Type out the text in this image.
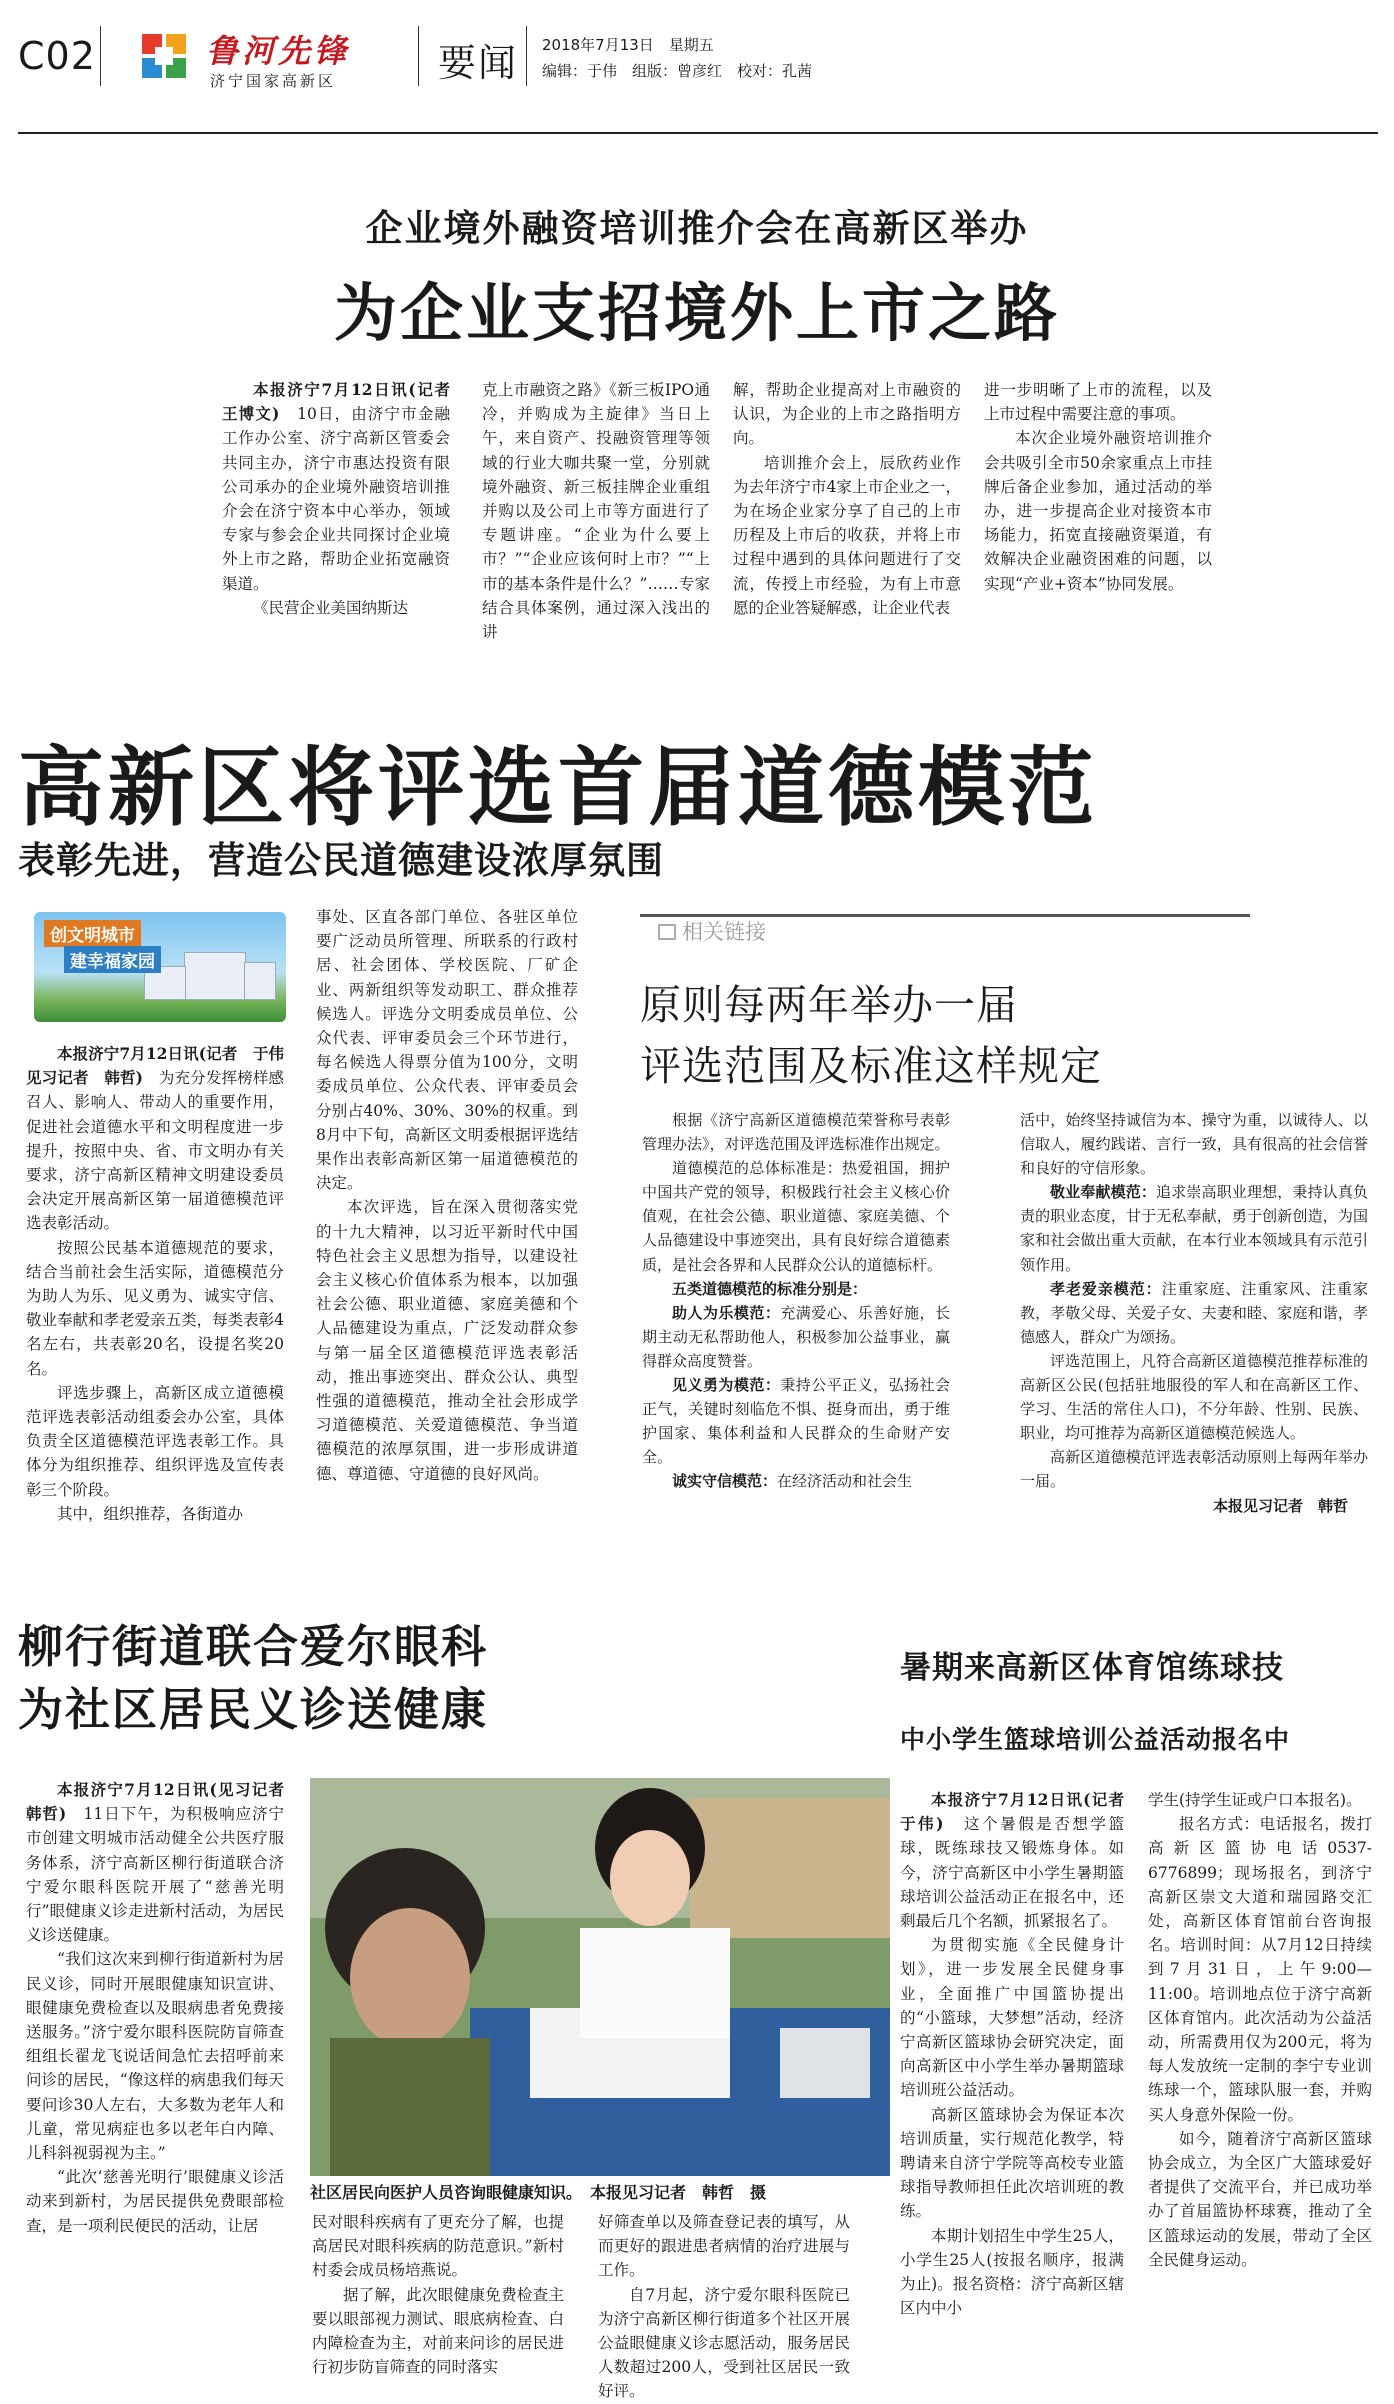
C02	鲁河先锋
济宁国家高新区	要闻 2018年7月13日　星期五
编辑：于伟　组版：曾彦红　校对：孔茜
企业境外融资培训推介会在高新区举办
为企业支招境外上市之路

本报济宁7月12日讯(记者　王博文)　10日，由济宁市金融工作办公室、济宁高新区管委会共同主办，济宁市惠达投资有限公司承办的企业境外融资培训推介会在济宁资本中心举办，领域专家与参会企业共同探讨企业境外上市之路，帮助企业拓宽融资渠道。

《民营企业美国纳斯达

克上市融资之路》《新三板IPO通冷，并购成为主旋律》当日上午，来自资产、投融资管理等领域的行业大咖共聚一堂，分别就境外融资、新三板挂牌企业重组并购以及公司上市等方面进行了专题讲座。“企业为什么要上市？”“企业应该何时上市？”“上市的基本条件是什么？”……专家结合具体案例，通过深入浅出的讲

解，帮助企业提高对上市融资的认识，为企业的上市之路指明方向。

培训推介会上，辰欣药业作为去年济宁市4家上市企业之一，为在场企业家分享了自己的上市历程及上市后的收获，并将上市过程中遇到的具体问题进行了交流，传授上市经验，为有上市意愿的企业答疑解惑，让企业代表

进一步明晰了上市的流程，以及上市过程中需要注意的事项。

本次企业境外融资培训推介会共吸引全市50余家重点上市挂牌后备企业参加，通过活动的举办，进一步提高企业对接资本市场能力，拓宽直接融资渠道，有效解决企业融资困难的问题，以实现“产业+资本”协同发展。

高新区将评选首届道德模范
表彰先进，营造公民道德建设浓厚氛围
创文明城市
建幸福家园

本报济宁7月12日讯(记者　于伟　见习记者　韩哲)　为充分发挥榜样感召人、影响人、带动人的重要作用，促进社会道德水平和文明程度进一步提升，按照中央、省、市文明办有关要求，济宁高新区精神文明建设委员会决定开展高新区第一届道德模范评选表彰活动。

按照公民基本道德规范的要求，结合当前社会生活实际，道德模范分为助人为乐、见义勇为、诚实守信、敬业奉献和孝老爱亲五类，每类表彰4名左右，共表彰20名，设提名奖20名。

评选步骤上，高新区成立道德模范评选表彰活动组委会办公室，具体负责全区道德模范评选表彰工作。具体分为组织推荐、组织评选及宣传表彰三个阶段。

其中，组织推荐，各街道办

事处、区直各部门单位、各驻区单位要广泛动员所管理、所联系的行政村居、社会团体、学校医院、厂矿企业、两新组织等发动职工、群众推荐候选人。评选分文明委成员单位、公众代表、评审委员会三个环节进行，每名候选人得票分值为100分，文明委成员单位、公众代表、评审委员会分别占40%、30%、30%的权重。到8月中下旬，高新区文明委根据评选结果作出表彰高新区第一届道德模范的决定。

本次评选，旨在深入贯彻落实党的十九大精神，以习近平新时代中国特色社会主义思想为指导，以建设社会主义核心价值体系为根本，以加强社会公德、职业道德、家庭美德和个人品德建设为重点，广泛发动群众参与第一届全区道德模范评选表彰活动，推出事迹突出、群众公认、典型性强的道德模范，推动全社会形成学习道德模范、关爱道德模范、争当道德模范的浓厚氛围，进一步形成讲道德、尊道德、守道德的良好风尚。

相关链接
原则每两年举办一届
评选范围及标准这样规定

根据《济宁高新区道德模范荣誉称号表彰管理办法》，对评选范围及评选标准作出规定。

道德模范的总体标准是：热爱祖国，拥护中国共产党的领导，积极践行社会主义核心价值观，在社会公德、职业道德、家庭美德、个人品德建设中事迹突出，具有良好综合道德素质，是社会各界和人民群众公认的道德标杆。

五类道德模范的标准分别是：

助人为乐模范：充满爱心、乐善好施，长期主动无私帮助他人，积极参加公益事业，赢得群众高度赞誉。

见义勇为模范：秉持公平正义，弘扬社会正气，关键时刻临危不惧、挺身而出，勇于维护国家、集体利益和人民群众的生命财产安全。

诚实守信模范：在经济活动和社会生

活中，始终坚持诚信为本、操守为重，以诚待人、以信取人，履约践诺、言行一致，具有很高的社会信誉和良好的守信形象。

敬业奉献模范：追求崇高职业理想，秉持认真负责的职业态度，甘于无私奉献，勇于创新创造，为国家和社会做出重大贡献，在本行业本领域具有示范引领作用。

孝老爱亲模范：注重家庭、注重家风、注重家教，孝敬父母、关爱子女、夫妻和睦、家庭和谐，孝德感人，群众广为颂扬。

评选范围上，凡符合高新区道德模范推荐标准的高新区公民(包括驻地服役的军人和在高新区工作、学习、生活的常住人口)，不分年龄、性别、民族、职业，均可推荐为高新区道德模范候选人。

高新区道德模范评选表彰活动原则上每两年举办一届。

本报见习记者　韩哲

柳行街道联合爱尔眼科
为社区居民义诊送健康

本报济宁7月12日讯(见习记者　韩哲)　11日下午，为积极响应济宁市创建文明城市活动健全公共医疗服务体系，济宁高新区柳行街道联合济宁爱尔眼科医院开展了“慈善光明行”眼健康义诊走进新村活动，为居民义诊送健康。

“我们这次来到柳行街道新村为居民义诊，同时开展眼健康知识宣讲、眼健康免费检查以及眼病患者免费接送服务。”济宁爱尔眼科医院防盲筛查组组长翟龙飞说话间急忙去招呼前来问诊的居民，“像这样的病患我们每天要问诊30人左右，大多数为老年人和儿童，常见病症也多以老年白内障、儿科斜视弱视为主。”

“此次‘慈善光明行’眼健康义诊活动来到新村，为居民提供免费眼部检查，是一项利民便民的活动，让居

社区居民向医护人员咨询眼健康知识。　本报见习记者　韩哲　摄

民对眼科疾病有了更充分了解，也提高居民对眼科疾病的防范意识。”新村村委会成员杨培燕说。

据了解，此次眼健康免费检查主要以眼部视力测试、眼底病检查、白内障检查为主，对前来问诊的居民进行初步防盲筛查的同时落实

好筛查单以及筛查登记表的填写，从而更好的跟进患者病情的治疗进展与工作。

自7月起，济宁爱尔眼科医院已为济宁高新区柳行街道多个社区开展公益眼健康义诊志愿活动，服务居民人数超过200人，受到社区居民一致好评。

暑期来高新区体育馆练球技
中小学生篮球培训公益活动报名中

本报济宁7月12日讯(记者　于伟)　这个暑假是否想学篮球，既练球技又锻炼身体。如今，济宁高新区中小学生暑期篮球培训公益活动正在报名中，还剩最后几个名额，抓紧报名了。

为贯彻实施《全民健身计划》，进一步发展全民健身事业，全面推广中国篮协提出的“小篮球，大梦想”活动，经济宁高新区篮球协会研究决定，面向高新区中小学生举办暑期篮球培训班公益活动。

高新区篮球协会为保证本次培训质量，实行规范化教学，特聘请来自济宁学院等高校专业篮球指导教师担任此次培训班的教练。

本期计划招生中学生25人，小学生25人(按报名顺序，报满为止)。报名资格：济宁高新区辖区内中小

学生(持学生证或户口本报名)。

报名方式：电话报名，拨打高新区篮协电话0537-6776899；现场报名，到济宁高新区崇文大道和瑞园路交汇处，高新区体育馆前台咨询报名。培训时间：从7月12日持续到7月31日，上午9:00—11:00。培训地点位于济宁高新区体育馆内。此次活动为公益活动，所需费用仅为200元，将为每人发放统一定制的李宁专业训练球一个，篮球队服一套，并购买人身意外保险一份。

如今，随着济宁高新区篮球协会成立，为全区广大篮球爱好者提供了交流平台，并已成功举办了首届篮协杯球赛，推动了全区篮球运动的发展，带动了全区全民健身运动。
